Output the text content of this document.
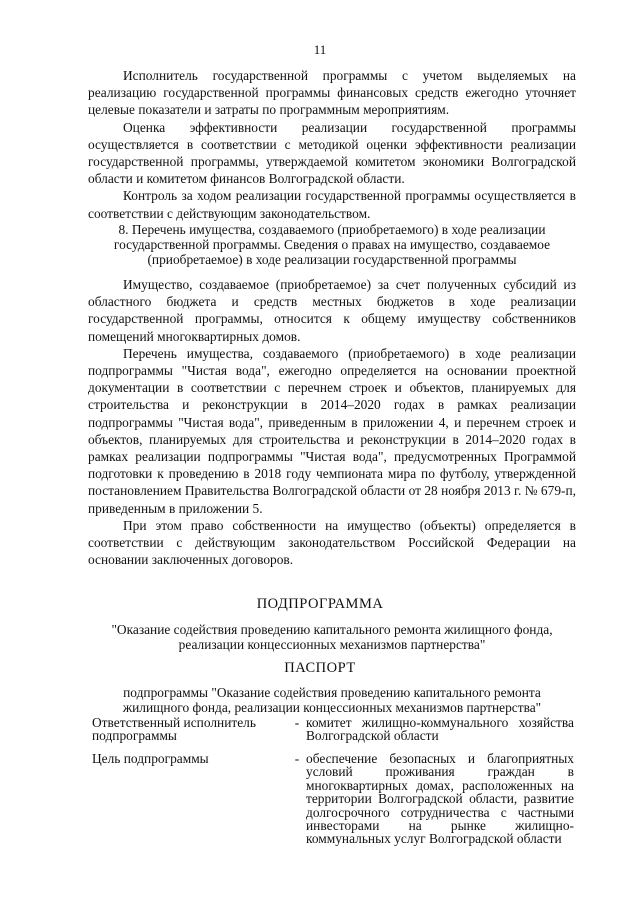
11

Исполнитель государственной программы с учетом выделяемых на реализацию государственной программы финансовых средств ежегодно уточняет целевые показатели и затраты по программным мероприятиям.

Оценка эффективности реализации государственной программы осуществляется в соответствии с методикой оценки эффективности реализации государственной программы, утверждаемой комитетом экономики Волгоградской области и комитетом финансов Волгоградской области.

Контроль за ходом реализации государственной программы осуществляется в соответствии с действующим законодательством.

8. Перечень имущества, создаваемого (приобретаемого) в ходе реализации государственной программы. Сведения о правах на имущество, создаваемое (приобретаемое) в ходе реализации государственной программы

Имущество, создаваемое (приобретаемое) за счет полученных субсидий из областного бюджета и средств местных бюджетов в ходе реализации государственной программы, относится к общему имуществу собственников помещений многоквартирных домов.

Перечень имущества, создаваемого (приобретаемого) в ходе реализации подпрограммы "Чистая вода", ежегодно определяется на основании проектной документации в соответствии с перечнем строек и объектов, планируемых для строительства и реконструкции в 2014–2020 годах в рамках реализации подпрограммы "Чистая вода", приведенным в приложении 4, и перечнем строек и объектов, планируемых для строительства и реконструкции в 2014–2020 годах в рамках реализации подпрограммы "Чистая вода", предусмотренных Программой подготовки к проведению в 2018 году чемпионата мира по футболу, утвержденной постановлением Правительства Волгоградской области от 28 ноября 2013 г. № 679-п, приведенным в приложении 5.

При этом право собственности на имущество (объекты) определяется в соответствии с действующим законодательством Российской Федерации на основании заключенных договоров.

ПОДПРОГРАММА
"Оказание содействия проведению капитального ремонта жилищного фонда, реализации концессионных механизмов партнерства"
ПАСПОРТ
подпрограммы "Оказание содействия проведению капитального ремонта жилищного фонда, реализации концессионных механизмов партнерства"
Ответственный исполнитель подпрограммы
- комитет жилищно-коммунального хозяйства Волгоградской области
Цель подпрограммы	- обеспечение безопасных и благоприятных условий проживания граждан в многоквартирных домах, расположенных на территории Волгоградской области, развитие долгосрочного сотрудничества с частными инвесторами на рынке жилищно-коммунальных услуг Волгоградской области
